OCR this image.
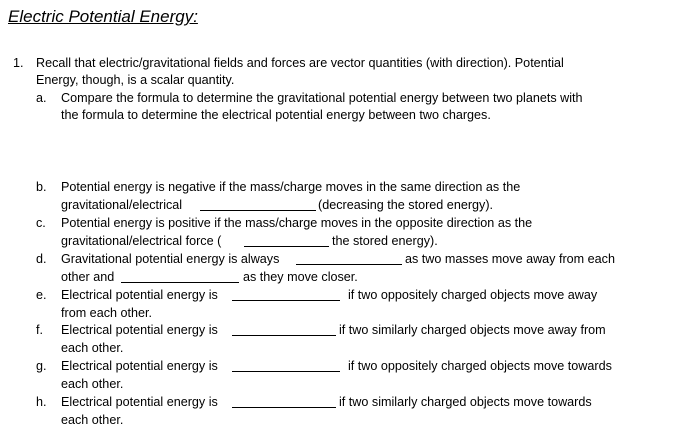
Electric Potential Energy:
1. Recall that electric/gravitational fields and forces are vector quantities (with direction). Potential
Energy, though, is a scalar quantity.
a. Compare the formula to determine the gravitational potential energy between two planets with
the formula to determine the electrical potential energy between two charges.
b. Potential energy is negative if the mass/charge moves in the same direction as the
gravitational/electrical	(decreasing the stored energy).
c. Potential energy is positive if the mass/charge moves in the opposite direction as the
gravitational/electrical force (	the stored energy).
d. Gravitational potential energy is always	as two masses move away from each
other and	as they move closer.
e. Electrical potential energy is	if two oppositely charged objects move away
from each other.
f. Electrical potential energy is	if two similarly charged objects move away from
each other.
g. Electrical potential energy is	if two oppositely charged objects move towards
each other.
h. Electrical potential energy is	if two similarly charged objects move towards
each other.
